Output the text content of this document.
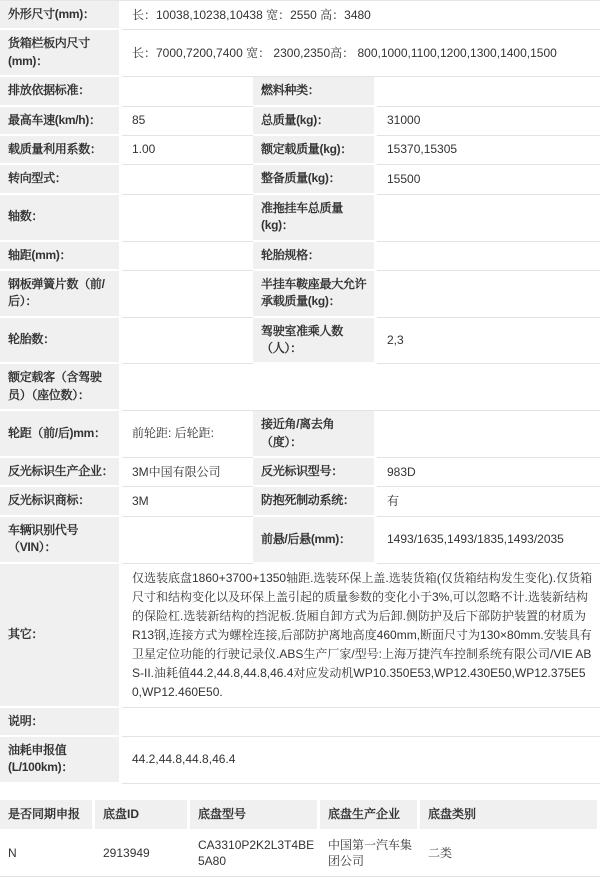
外形尺寸(mm)：	长：10038,10238,10438 宽：2550 高：3480		
货箱栏板内尺寸(mm)：	长：7000,7200,7400 宽： 2300,2350高： 800,1000,1100,1200,1300,1400,1500		
排放依据标准：		燃料种类：	
最高车速(km/h)：	85	总质量(kg)：	31000
载质量利用系数：	1.00	额定载质量(kg)：	15370,15305
转向型式：		整备质量(kg)：	15500
轴数：		准拖挂车总质量(kg)：	
轴距(mm)：		轮胎规格：	
钢板弹簧片数（前/后）：		半挂车鞍座最大允许承载质量(kg)：	
轮胎数：		驾驶室准乘人数（人）：	2,3
额定载客（含驾驶员）（座位数）：			
轮距（前/后)mm：	前轮距: 后轮距:	接近角/离去角（度）：	
反光标识生产企业：	3M中国有限公司	反光标识型号：	983D
反光标识商标：	3M	防抱死制动系统：	有
车辆识别代号（VIN）：		前悬/后悬(mm)：	1493/1635,1493/1835,1493/2035
其它：	仅选装底盘1860+3700+1350轴距.选装环保上盖.选装货箱(仅货箱结构发生变化).仅货箱尺寸和结构变化以及环保上盖引起的质量参数的变化小于3%,可以忽略不计.选装新结构的保险杠.选装新结构的挡泥板.货厢自卸方式为后卸.侧防护及后下部防护装置的材质为R13钢,连接方式为螺栓连接,后部防护离地高度460mm,断面尺寸为130×80mm.安装具有卫星定位功能的行驶记录仪.ABS生产厂家/型号:上海万捷汽车控制系统有限公司/VIE ABS-II.油耗值44.2,44.8,44.8,46.4对应发动机WP10.350E53,WP12.430E50,WP12.375E50,WP12.460E50.		
说明：			
油耗申报值(L/100km)：	44.2,44.8,44.8,46.4		
是否同期申报	底盘ID	底盘型号	底盘生产企业	底盘类别
N	2913949	CA3310P2K2L3T4BE5A80	中国第一汽车集团公司	二类
